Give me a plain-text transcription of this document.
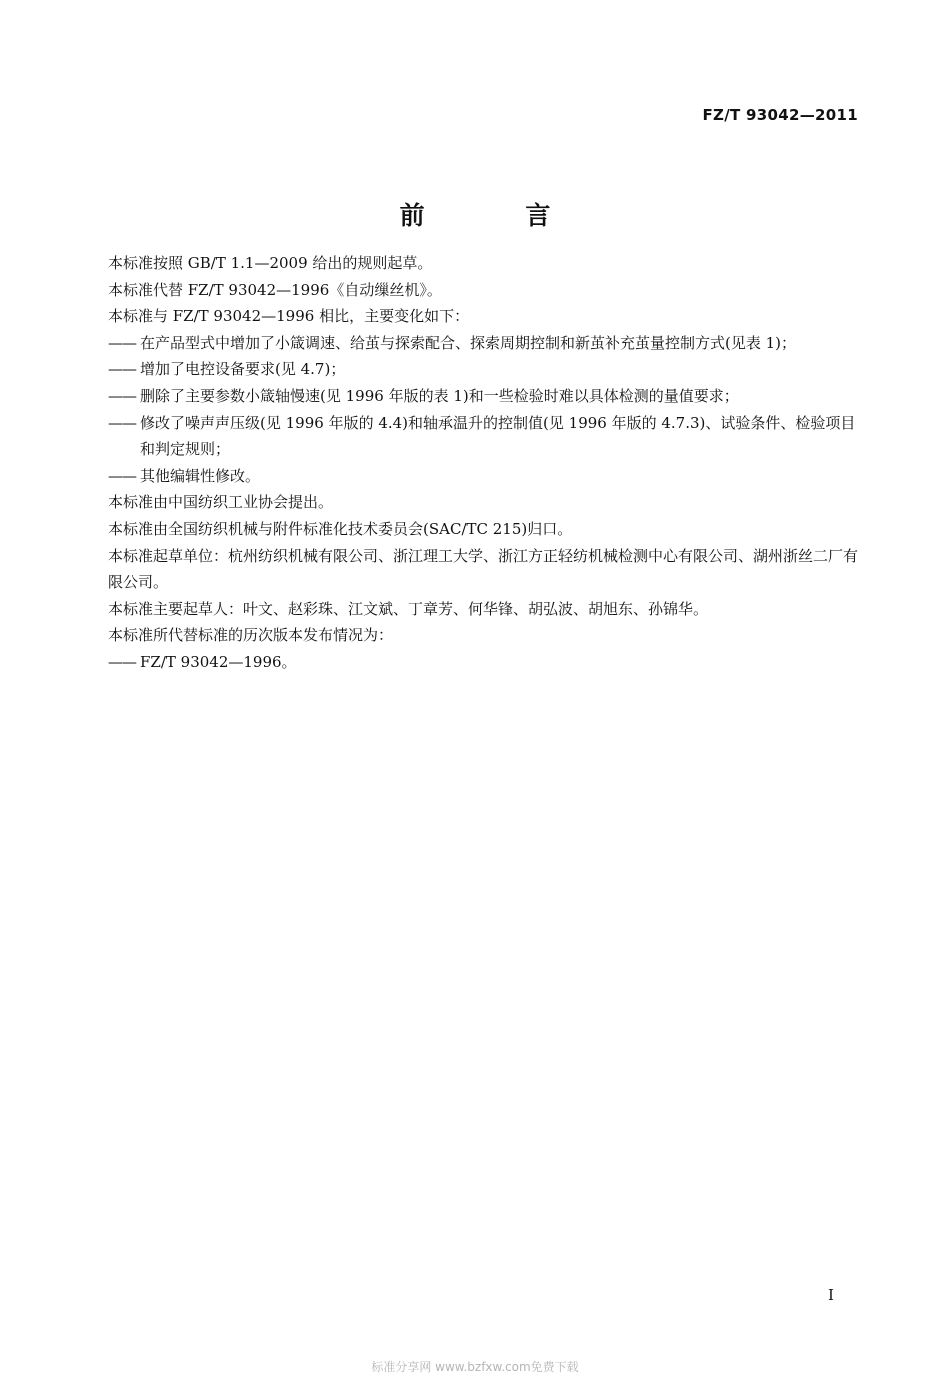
FZ/T 93042—2011
前 言

本标准按照 GB/T 1.1—2009 给出的规则起草。

本标准代替 FZ/T 93042—1996《自动缫丝机》。

本标准与 FZ/T 93042—1996 相比，主要变化如下：

—— 在产品型式中增加了小箴调速、给茧与探索配合、探索周期控制和新茧补充茧量控制方式(见表 1)；

—— 增加了电控设备要求(见 4.7)；

—— 删除了主要参数小箴轴慢速(见 1996 年版的表 1)和一些检验时难以具体检测的量值要求；

—— 修改了噪声声压级(见 1996 年版的 4.4)和轴承温升的控制值(见 1996 年版的 4.7.3)、试验条件、检验项目和判定规则；

—— 其他编辑性修改。

本标准由中国纺织工业协会提出。

本标准由全国纺织机械与附件标准化技术委员会(SAC/TC 215)归口。

本标准起草单位：杭州纺织机械有限公司、浙江理工大学、浙江方正轻纺机械检测中心有限公司、湖州浙丝二厂有限公司。

本标准主要起草人：叶文、赵彩珠、江文斌、丁章芳、何华锋、胡弘波、胡旭东、孙锦华。

本标准所代替标准的历次版本发布情况为：

—— FZ/T 93042—1996。

I
标准分享网 www.bzfxw.com免费下载
